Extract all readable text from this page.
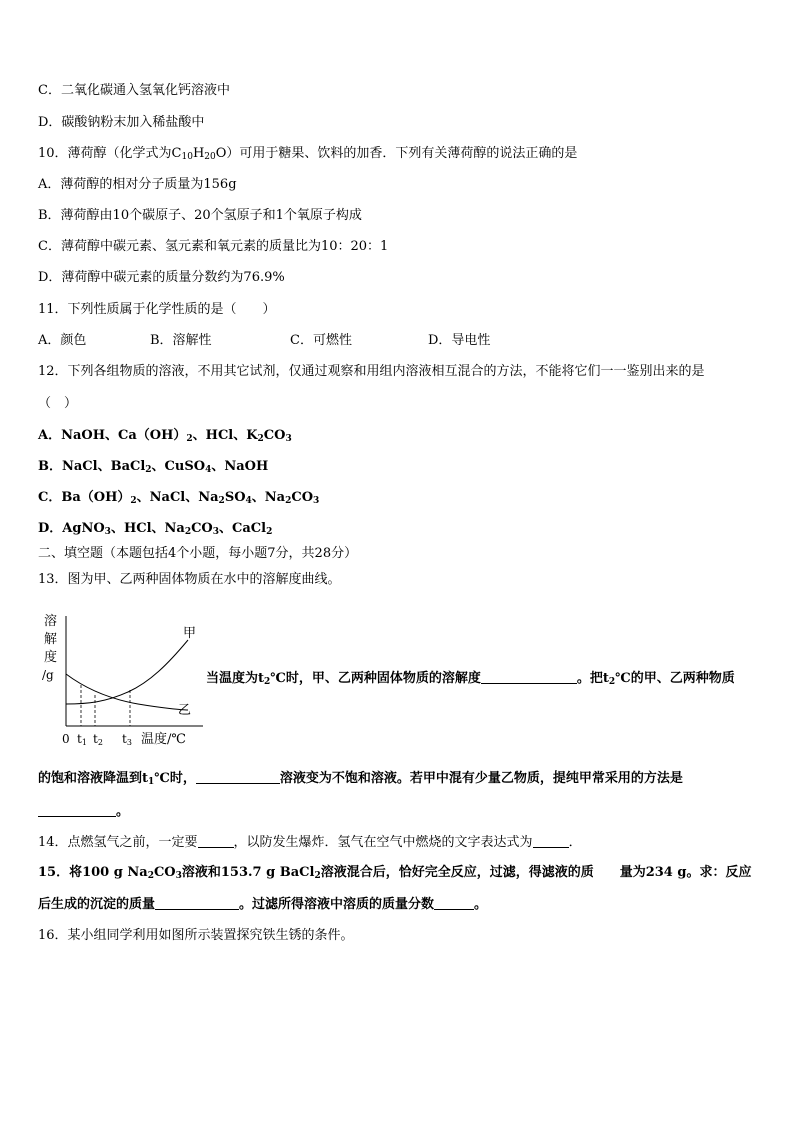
C．二氧化碳通入氢氧化钙溶液中
D．碳酸钠粉末加入稀盐酸中
10．薄荷醇（化学式为$C_{10}H_{20}O$）可用于糖果、饮料的加香．下列有关薄荷醇的说法正确的是
A．薄荷醇的相对分子质量为156g
B．薄荷醇由10个碳原子、20个氢原子和1个氧原子构成
C．薄荷醇中碳元素、氢元素和氧元素的质量比为10：20：1
D．薄荷醇中碳元素的质量分数约为76.9%
11．下列性质属于化学性质的是（　　）
A．颜色	B．溶解性	C．可燃性	D．导电性
12．下列各组物质的溶液，不用其它试剂，仅通过观察和用组内溶液相互混合的方法，不能将它们一一鉴别出来的是
（　）
A．NaOH、$Ca(OH)_2$、HCl、$K_2CO_3$
B．NaCl、BaCl$_2$、CuSO$_4$、NaOH
C．$Ba(OH)_2$、NaCl、$Na_2SO_4$、$Na_2CO_3$
D．AgNO$_3$、HCl、$Na_2CO_3$、CaCl$_2$
二、填空题（本题包括4个小题，每小题7分，共28分）
13．图为甲、乙两种固体物质在水中的溶解度曲线。
溶
解
度
/g
甲
乙
0 t1 t2 t3 温度/℃
当温度为$t_2℃$时，甲、乙两种固体物质的溶解度	。把$t_2℃$的甲、乙两种物质
的饱和溶液降温到$t_1℃$时，	溶液变为不饱和溶液。若甲中混有少量乙物质，提纯甲常采用的方法是
。
14．点燃氢气之前，一定要	，以防发生爆炸．氢气在空气中燃烧的文字表达式为	．
15．将100 g $Na_2CO_3$溶液和153.7 g BaCl$_2$溶液混合后，恰好完全反应，过滤，得滤液的质 量为234 g。求：反应
后生成的沉淀的质量	。过滤所得溶液中溶质的质量分数	。
16．某小组同学利用如图所示装置探究铁生锈的条件。
